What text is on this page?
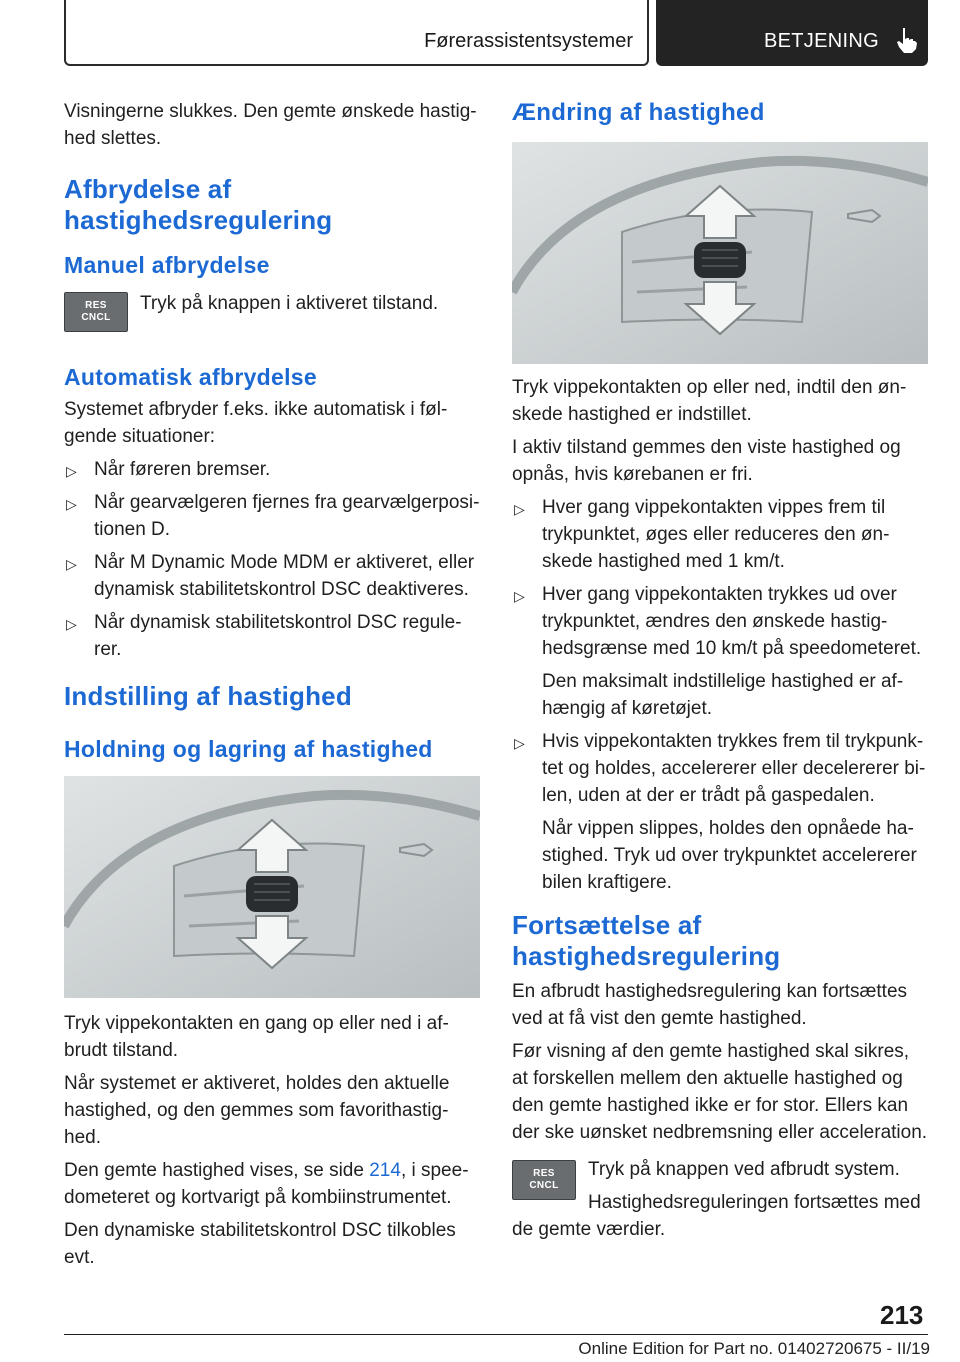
Førerassistentsystemer	BETJENING

Visningerne slukkes. Den gemte ønskede hastig-hed slettes.

Afbrydelse af hastighedsregulering
Manuel afbrydelse
RES
CNCL
Tryk på knappen i aktiveret tilstand.
Automatisk afbrydelse

Systemet afbryder f.eks. ikke automatisk i føl-gende situationer:

▷ Når føreren bremser.
▷ Når gearvælgeren fjernes fra gearvælgerposi-tionen D.
▷ Når M Dynamic Mode MDM er aktiveret, eller dynamisk stabilitetskontrol DSC deaktiveres.
▷ Når dynamisk stabilitetskontrol DSC regule-rer.
Indstilling af hastighed
Holdning og lagring af hastighed

Tryk vippekontakten en gang op eller ned i af-brudt tilstand.

Når systemet er aktiveret, holdes den aktuelle hastighed, og den gemmes som favorithastig-hed.

Den gemte hastighed vises, se side 214, i spee-dometeret og kortvarigt på kombiinstrumentet.

Den dynamiske stabilitetskontrol DSC tilkobles evt.

Ændring af hastighed

Tryk vippekontakten op eller ned, indtil den øn-skede hastighed er indstillet.

I aktiv tilstand gemmes den viste hastighed og opnås, hvis kørebanen er fri.

▷ Hver gang vippekontakten vippes frem til trykpunktet, øges eller reduceres den øn-skede hastighed med 1 km/t.
▷ Hver gang vippekontakten trykkes ud over trykpunktet, ændres den ønskede hastig-hedsgrænse med 10 km/t på speedometeret.

Den maksimalt indstillelige hastighed er af-hængig af køretøjet.

▷ Hvis vippekontakten trykkes frem til trykpunk-tet og holdes, accelererer eller decelererer bi-len, uden at der er trådt på gaspedalen.

Når vippen slippes, holdes den opnåede ha-stighed. Tryk ud over trykpunktet accelererer bilen kraftigere.

Fortsættelse af hastighedsregulering

En afbrudt hastighedsregulering kan fortsættes ved at få vist den gemte hastighed.

Før visning af den gemte hastighed skal sikres, at forskellen mellem den aktuelle hastighed og den gemte hastighed ikke er for stor. Ellers kan der ske uønsket nedbremsning eller acceleration.

RES
CNCL

Tryk på knappen ved afbrudt system.

Hastighedsreguleringen fortsættes med de gemte værdier.

213
Online Edition for Part no. 01402720675 - II/19
